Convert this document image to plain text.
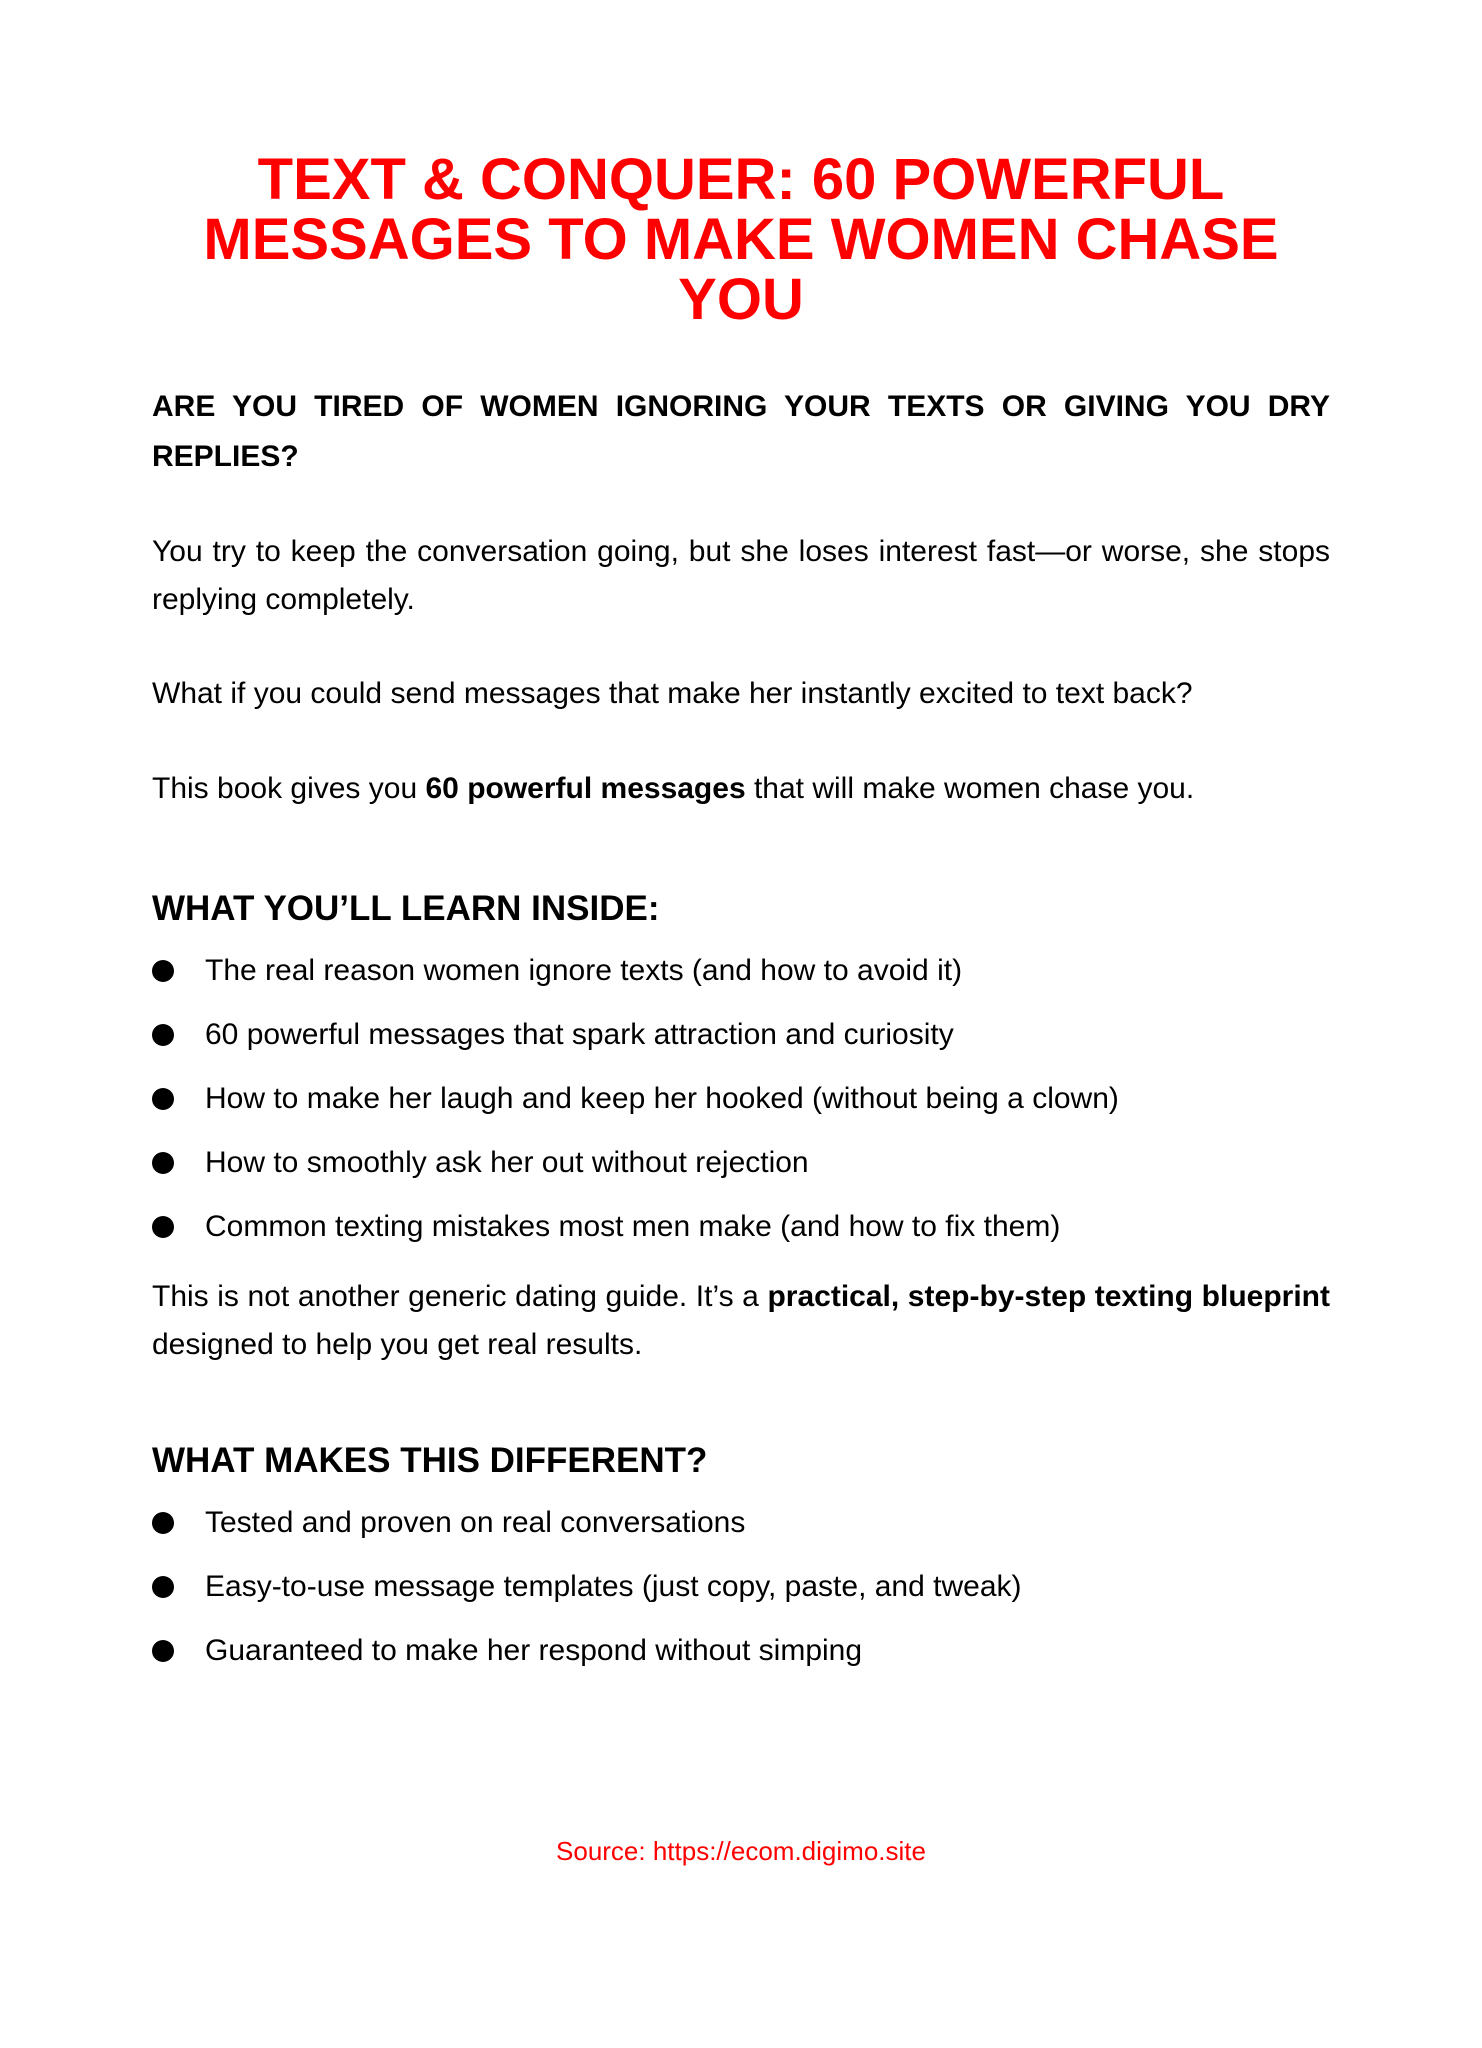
TEXT & CONQUER: 60 POWERFUL MESSAGES TO MAKE WOMEN CHASE YOU
ARE YOU TIRED OF WOMEN IGNORING YOUR TEXTS OR GIVING YOU DRY REPLIES?

You try to keep the conversation going, but she loses interest fast—or worse, she stops replying completely.

What if you could send messages that make her instantly excited to text back?

This book gives you 60 powerful messages that will make women chase you.

WHAT YOU’LL LEARN INSIDE:
The real reason women ignore texts (and how to avoid it)
60 powerful messages that spark attraction and curiosity
How to make her laugh and keep her hooked (without being a clown)
How to smoothly ask her out without rejection
Common texting mistakes most men make (and how to fix them)

This is not another generic dating guide. It’s a practical, step-by-step texting blueprint designed to help you get real results.

WHAT MAKES THIS DIFFERENT?
Tested and proven on real conversations
Easy-to-use message templates (just copy, paste, and tweak)
Guaranteed to make her respond without simping
Source: https://ecom.digimo.site
